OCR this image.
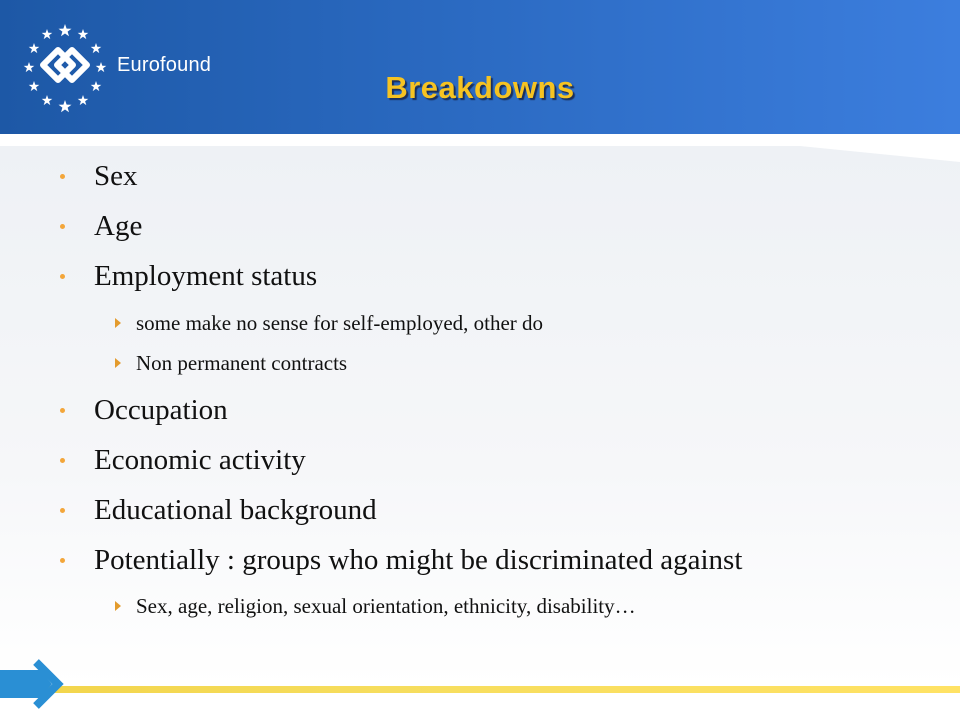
Eurofound
Breakdowns
Sex
Age
Employment status
some make no sense for self-employed, other do
Non permanent contracts
Occupation
Economic activity
Educational background
Potentially : groups who might be discriminated against
Sex, age, religion, sexual orientation, ethnicity, disability…
